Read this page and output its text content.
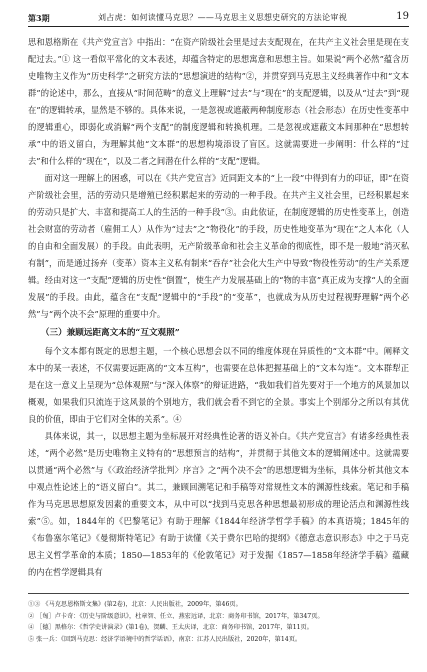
第3期	刘占虎：如何读懂马克思？——马克思主义思想史研究的方法论审视	19

思和恩格斯在《共产党宣言》中指出：“在资产阶级社会里是过去支配现在，在共产主义社会里是现在支配过去。”① 这一看似平常化的文本表述，却蕴含特定的思想寓意和思想主旨。如果说“两个必然”蕴含历史唯物主义作为“历史科学”之研究方法的“思想演进的结构”②，并贯穿到马克思主义经典著作中和“文本群”的论述中，那么，直接从“时间范畴”的意义上理解“过去”与“现在”的支配逻辑，以及从“过去”到“现在”的逻辑转承，显然是不够的。具体来说，一是忽视或遮蔽两种制度形态（社会形态）在历史性变革中的逻辑重心，即弱化或消解“两个支配”的制度逻辑和转换机理。二是忽视或遮蔽文本间那种在“思想转承”中的语义留白，为理解其他“文本群”的思想构境添设了盲区。这就需要进一步阐明：什么样的“过去”和什么样的“现在”，以及二者之间潜在什么样的“支配”逻辑。

面对这一理解上的困惑，可以在《共产党宣言》近同距文本的“上一段”中得到有力的印证，即“在资产阶级社会里，活的劳动只是增殖已经积累起来的劳动的一种手段。在共产主义社会里，已经积累起来的劳动只是扩大、丰富和提高工人的生活的一种手段”③。由此依证，在制度逻辑的历史性变革上，创造社会财富的劳动者（雇佣工人）从作为“过去”之“物役化”的手段，历史性地变革为“现在”之人本化（人的自由和全面发展）的手段。由此表明，无产阶级革命和社会主义革命的彻底性，即不是一般地“消灭私有制”，而是通过扬弃（变革）资本主义私有制来“吞存”社会化大生产中导致“物役性劳动”的生产关系逻辑。经由对这一“支配”逻辑的历史性“倒置”，使生产力发展基础上的“物的丰富”真正成为支撑“人的全面发展”的手段。由此，蕴含在“支配”逻辑中的“手段”的“变革”，也就成为从历史过程视野理解“两个必然”与“两个决不会”原理的重要中介。

（三）兼顾远距离文本的“互文观照”

每个文本都有既定的思想主题，一个核心思想会以不同的维度体现在异质性的“文本群”中。阐释文本中的某一表述，不仅需要远距离的“文本互构”，也需要在总体把握基础上的“文本勾连”。文本群犁正是在这一意义上呈现为“总体观照”与“深入体察”的辩证进路，“我如我们首先要对于一个地方的风景加以概观，如果我们只流连于这风景的个别地方，我们就会看不到它的全景。事实上个别部分之所以有其优良的价值，即由于它们对全体的关系”。④

具体来说，其一，以思想主题为坐标展开对经典性论著的语义补白。《共产党宣言》有诸多经典性表述，“两个必然”是历史唯物主义特有的“思想预言的结构”，并贯彻于其他文本的逻辑阐述中。这就需要以贯通“两个必然”与《〈政治经济学批判〉序言》之“两个决不会”的思想逻辑为坐标，具体分析其他文本中观点性论述上的“语义留白”。其二，兼顾回溯笔记和手稿等对常规性文本的渊源性线索。笔记和手稿作为马克思思想原发因素的重要文本，从中可以“找到马克思各种思想最初形成的理论活点和渊源性线索”⑤。如，1844年的《巴黎笔记》有助于理解《1844年经济学哲学手稿》的本真语境；1845年的《布鲁塞尔笔记》《曼彻斯特笔记》有助于读懂《关于费尔巴哈的提纲》《德意志意识形态》中之于马克思主义哲学革命的本质；1850—1853年的《伦敦笔记》对于发掘《1857—1858年经济学手稿》蕴藏的内在哲学逻辑具有

①③ 《马克思恩格斯文集》(第2卷)，北京：人民出版社，2009年，第46页。
② ［匈］卢卡奇：《历史与阶级意识》，杜章智、任立、燕宏远译，北京：商务印书馆，2017年，第347页。
④ ［德］黑格尔：《哲学史讲演录》(第1卷)，贺麟、王太庆译，北京：商务印书馆，2017年，第11页。
⑤ 张一兵：《回到马克思：经济学语境中的哲学话语》，南京：江苏人民出版社，2020年，第14页。
